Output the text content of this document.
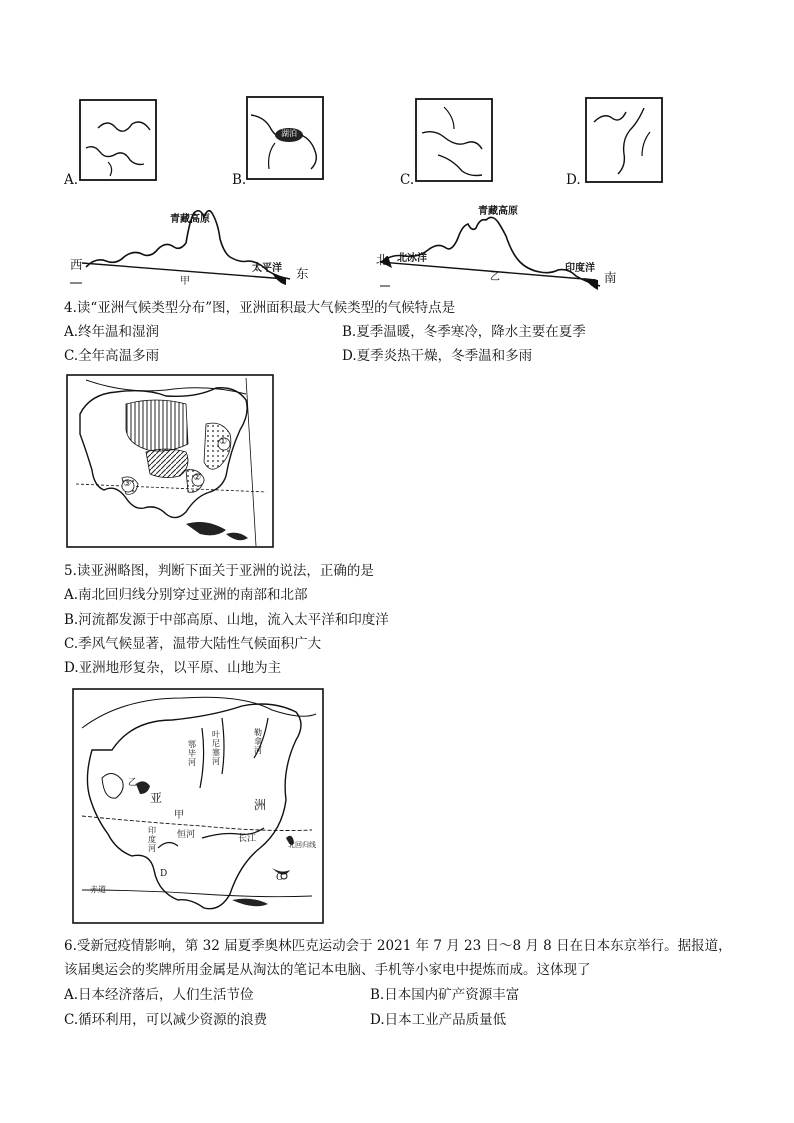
A.
湖泊
B.	C.	D.
青藏高原
西
东
太平洋
甲
青藏高原
北 北冰洋
南
印度洋
乙
4.读“亚洲气候类型分布”图，亚洲面积最大气候类型的气候特点是
A.终年温和湿润	B.夏季温暖，冬季寒冷，降水主要在夏季
C.全年高温多雨	D.夏季炎热干燥，冬季温和多雨
①
②
③
5.读亚洲略图，判断下面关于亚洲的说法，正确的是
A.南北回归线分别穿过亚洲的南部和北部
B.河流都发源于中部高原、山地，流入太平洋和印度洋
C.季风气候显著，温带大陆性气候面积广大
D.亚洲地形复杂，以平原、山地为主
亚	洲
甲
恒河	长江
北回归线
赤道
勒拿河
叶尼塞河
鄂毕河
印度河
乙
D	C
6.受新冠疫情影响，第 32 届夏季奥林匹克运动会于 2021 年 7 月 23 日～8 月 8 日在日本东京举行。据报道，
该届奥运会的奖牌所用金属是从淘汰的笔记本电脑、手机等小家电中提炼而成。这体现了
A.日本经济落后，人们生活节俭	B.日本国内矿产资源丰富
C.循环利用，可以减少资源的浪费	D.日本工业产品质量低
